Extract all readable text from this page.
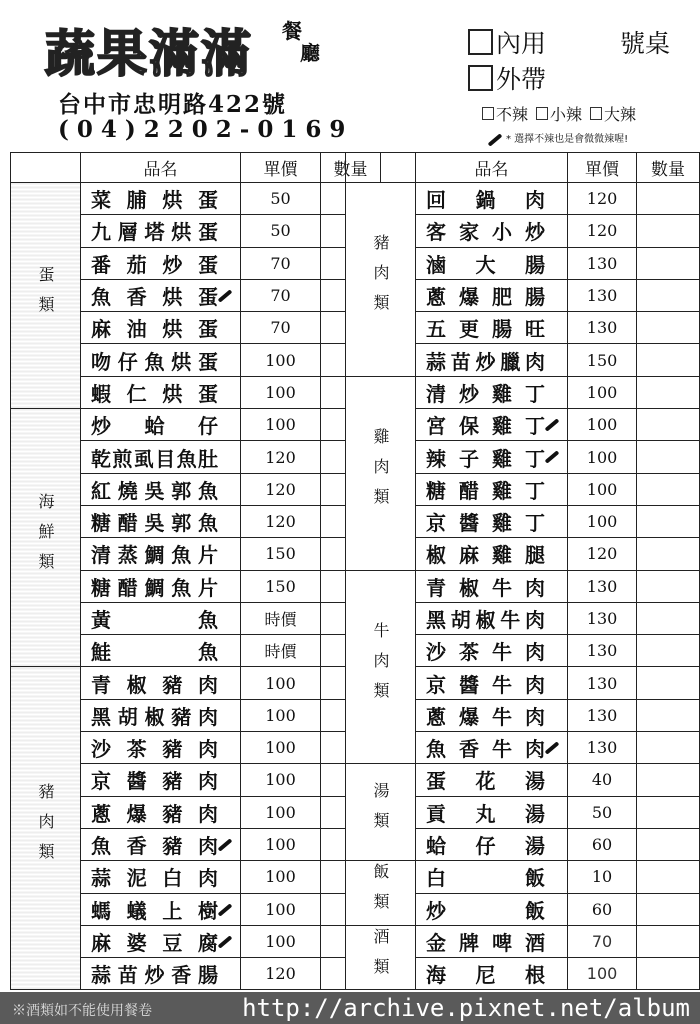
蔬果滿滿 餐
廳
台中市忠明路422號
(04)2202-0169
內用	號桌
外帶
不辣	小辣	大辣
* 選擇不辣也是會微微辣喔!
	品名	單價	數量
蛋類	菜脯烘蛋	50	

	九層塔烘蛋	50	

	番茄炒蛋	70	

	魚香烘蛋	70	

	麻油烘蛋	70	

	吻仔魚烘蛋	100	

	蝦仁烘蛋	100	
海鮮類	炒蛤仔	100	

	乾煎虱目魚肚	120	

	紅燒吳郭魚	120	

	糖醋吳郭魚	120	

	清蒸鯛魚片	150	

	糖醋鯛魚片	150	

	黃魚	時價	

	鮭魚	時價	
豬肉類	青椒豬肉	100	

	黑胡椒豬肉	100	

	沙茶豬肉	100	

	京醬豬肉	100	

	蔥爆豬肉	100	

	魚香豬肉	100	

	蒜泥白肉	100	

	螞蟻上樹	100	

	麻婆豆腐	100	

	蒜苗炒香腸	120	
	品名	單價	數量
豬肉類	回鍋肉	120	

	客家小炒	120	

	滷大腸	130	

	蔥爆肥腸	130	

	五更腸旺	130	

	蒜苗炒臘肉	150	
雞肉類	清炒雞丁	100	

	宮保雞丁	100	

	辣子雞丁	100	

	糖醋雞丁	100	

	京醬雞丁	100	

	椒麻雞腿	120	
牛肉類	青椒牛肉	130	

	黑胡椒牛肉	130	

	沙茶牛肉	130	

	京醬牛肉	130	

	蔥爆牛肉	130	

	魚香牛肉	130	
湯類	蛋花湯	40	

	貢丸湯	50	

	蛤仔湯	60	
飯類	白飯	10	

	炒飯	60	
酒類	金牌啤酒	70	

	海尼根	100	
※酒類如不能使用餐卷	http://archive.pixnet.net/album
